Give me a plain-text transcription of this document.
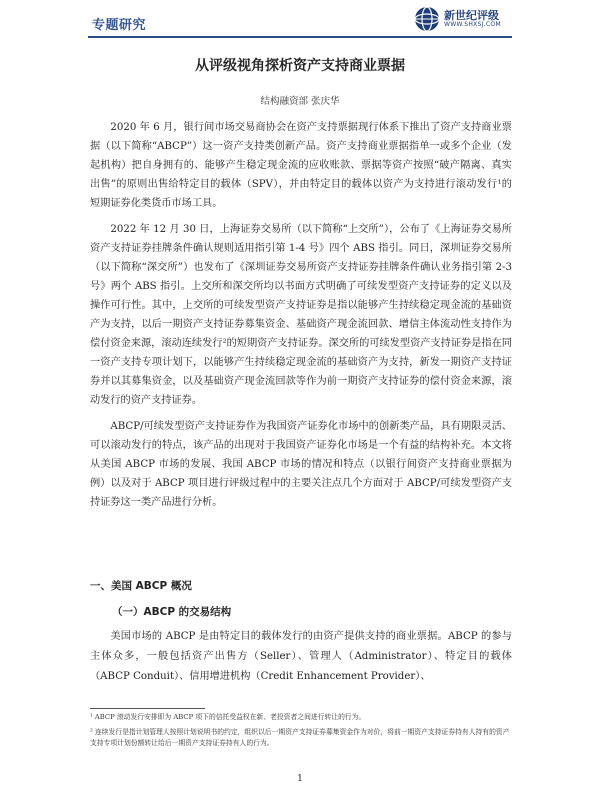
专题研究
新世纪评级
WWW.SHXSJ.COM
从评级视角探析资产支持商业票据
结构融资部 张庆华

2020 年 6 月，银行间市场交易商协会在资产支持票据现行体系下推出了资产支持商业票据（以下简称“ABCP”）这一资产支持类创新产品。资产支持商业票据指单一或多个企业（发起机构）把自身拥有的、能够产生稳定现金流的应收账款、票据等资产按照“破产隔离、真实出售”的原则出售给特定目的载体（SPV），并由特定目的载体以资产为支持进行滚动发行¹的短期证券化类货币市场工具。

2022 年 12 月 30 日，上海证券交易所（以下简称“上交所”），公布了《上海证券交易所资产支持证券挂牌条件确认规则适用指引第 1-4 号》四个 ABS 指引。同日，深圳证券交易所（以下简称“深交所”）也发布了《深圳证券交易所资产支持证券挂牌条件确认业务指引第 2-3 号》两个 ABS 指引。上交所和深交所均以书面方式明确了可续发型资产支持证券的定义以及操作可行性。其中，上交所的可续发型资产支持证券是指以能够产生持续稳定现金流的基础资产为支持，以后一期资产支持证券募集资金、基础资产现金流回款、增信主体流动性支持作为偿付资金来源，滚动连续发行²的短期资产支持证券。深交所的可续发型资产支持证券是指在同一资产支持专项计划下，以能够产生持续稳定现金流的基础资产为支持，新发一期资产支持证券并以其募集资金，以及基础资产现金流回款等作为前一期资产支持证券的偿付资金来源，滚动发行的资产支持证券。

ABCP/可续发型资产支持证券作为我国资产证券化市场中的创新类产品，具有期限灵活、可以滚动发行的特点，该产品的出现对于我国资产证券化市场是一个有益的结构补充。本文将从美国 ABCP 市场的发展、我国 ABCP 市场的情况和特点（以银行间资产支持商业票据为例）以及对于 ABCP 项目进行评级过程中的主要关注点几个方面对于 ABCP/可续发型资产支持证券这一类产品进行分析。

一、美国 ABCP 概况
（一）ABCP 的交易结构

美国市场的 ABCP 是由特定目的载体发行的由资产提供支持的商业票据。ABCP 的参与主体众多，一般包括资产出售方（Seller）、管理人（Administrator）、特定目的载体（ABCP Conduit）、信用增进机构（Credit Enhancement Provider）、

¹ ABCP 滚动发行安排即为 ABCP 项下的信托受益权在新、老投资者之间进行转让的行为。
² 连续发行是指计划管理人按照计划说明书的约定，组织以后一期资产支持证券募集资金作为对价，将前一期资产支持证券持有人持有的资产支持专项计划份额转让给后一期资产支持证券持有人的行为。
1
